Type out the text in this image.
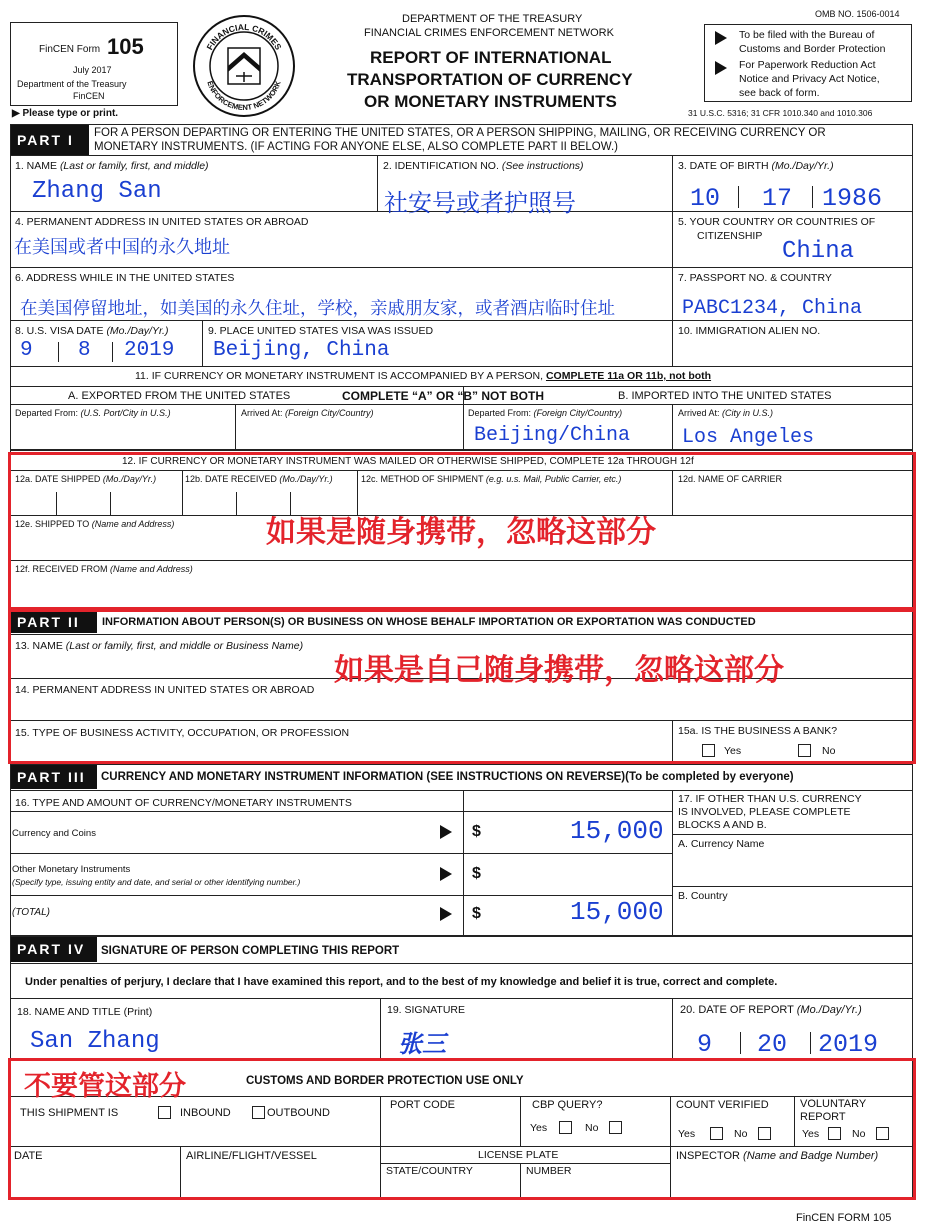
FinCEN Form 105
July 2017
Department of the Treasury
FinCEN
▶ Please type or print.
FINANCIAL CRIMES
ENFORCEMENT NETWORK
DEPARTMENT OF THE TREASURY
FINANCIAL CRIMES ENFORCEMENT NETWORK
REPORT OF INTERNATIONAL
TRANSPORTATION OF CURRENCY
OR MONETARY INSTRUMENTS
OMB NO. 1506-0014
To be filed with the Bureau of
Customs and Border Protection
For Paperwork Reduction Act
Notice and Privacy Act Notice,
see back of form.
31 U.S.C. 5316; 31 CFR 1010.340 and 1010.306
PART I	FOR A PERSON DEPARTING OR ENTERING THE UNITED STATES, OR A PERSON SHIPPING, MAILING, OR RECEIVING CURRENCY OR
MONETARY INSTRUMENTS. (IF ACTING FOR ANYONE ELSE, ALSO COMPLETE PART II BELOW.)
1. NAME (Last or family, first, and middle)
Zhang San
2. IDENTIFICATION NO. (See instructions)
社安号或者护照号
3. DATE OF BIRTH (Mo./Day/Yr.)
10 17 1986
4. PERMANENT ADDRESS IN UNITED STATES OR ABROAD
在美国或者中国的永久地址
5. YOUR COUNTRY OR COUNTRIES OF
CITIZENSHIP
China
6. ADDRESS WHILE IN THE UNITED STATES
在美国停留地址，如美国的永久住址，学校，亲戚朋友家，或者酒店临时住址
7. PASSPORT NO. & COUNTRY
PABC1234, China
8. U.S. VISA DATE (Mo./Day/Yr.)
9 8 2019
9. PLACE UNITED STATES VISA WAS ISSUED
Beijing, China
10. IMMIGRATION ALIEN NO.
11. IF CURRENCY OR MONETARY INSTRUMENT IS ACCOMPANIED BY A PERSON, COMPLETE 11a OR 11b, not both
A. EXPORTED FROM THE UNITED STATES	COMPLETE “A” OR “B” NOT BOTH	B. IMPORTED INTO THE UNITED STATES
Departed From: (U.S. Port/City in U.S.)	Arrived At: (Foreign City/Country)	Departed From: (Foreign City/Country)
Beijing/China
Arrived At: (City in U.S.)
Los Angeles
12. IF CURRENCY OR MONETARY INSTRUMENT WAS MAILED OR OTHERWISE SHIPPED, COMPLETE 12a THROUGH 12f
12a. DATE SHIPPED (Mo./Day/Yr.)	12b. DATE RECEIVED (Mo./Day/Yr.)	12c. METHOD OF SHIPMENT (e.g. u.s. Mail, Public Carrier, etc.)	12d. NAME OF CARRIER
12e. SHIPPED TO (Name and Address)
12f. RECEIVED FROM (Name and Address)
PART II	INFORMATION ABOUT PERSON(S) OR BUSINESS ON WHOSE BEHALF IMPORTATION OR EXPORTATION WAS CONDUCTED
13. NAME (Last or family, first, and middle or Business Name)
14. PERMANENT ADDRESS IN UNITED STATES OR ABROAD
15. TYPE OF BUSINESS ACTIVITY, OCCUPATION, OR PROFESSION	15a. IS THE BUSINESS A BANK?
Yes	No
PART III	CURRENCY AND MONETARY INSTRUMENT INFORMATION (SEE INSTRUCTIONS ON REVERSE)(To be completed by everyone)
16. TYPE AND AMOUNT OF CURRENCY/MONETARY INSTRUMENTS
Currency and Coins	$	15,000
Other Monetary Instruments
(Specify type, issuing entity and date, and serial or other identifying number.)	$
(TOTAL)	$	15,000
17. IF OTHER THAN U.S. CURRENCY
IS INVOLVED, PLEASE COMPLETE
BLOCKS A AND B.
A. Currency Name
B. Country
PART IV	SIGNATURE OF PERSON COMPLETING THIS REPORT
Under penalties of perjury, I declare that I have examined this report, and to the best of my knowledge and belief it is true, correct and complete.
18. NAME AND TITLE (Print)
San Zhang
19. SIGNATURE
张三
20. DATE OF REPORT (Mo./Day/Yr.)
9 20 2019
CUSTOMS AND BORDER PROTECTION USE ONLY
THIS SHIPMENT IS	INBOUND	OUTBOUND
PORT CODE	CBP QUERY?
Yes	No
COUNT VERIFIED
Yes	No
VOLUNTARY
REPORT
Yes	No
DATE	AIRLINE/FLIGHT/VESSEL	LICENSE PLATE
STATE/COUNTRY	NUMBER
INSPECTOR (Name and Badge Number)
FinCEN FORM 105
如果是随身携带，忽略这部分
如果是自己随身携带，忽略这部分
不要管这部分
